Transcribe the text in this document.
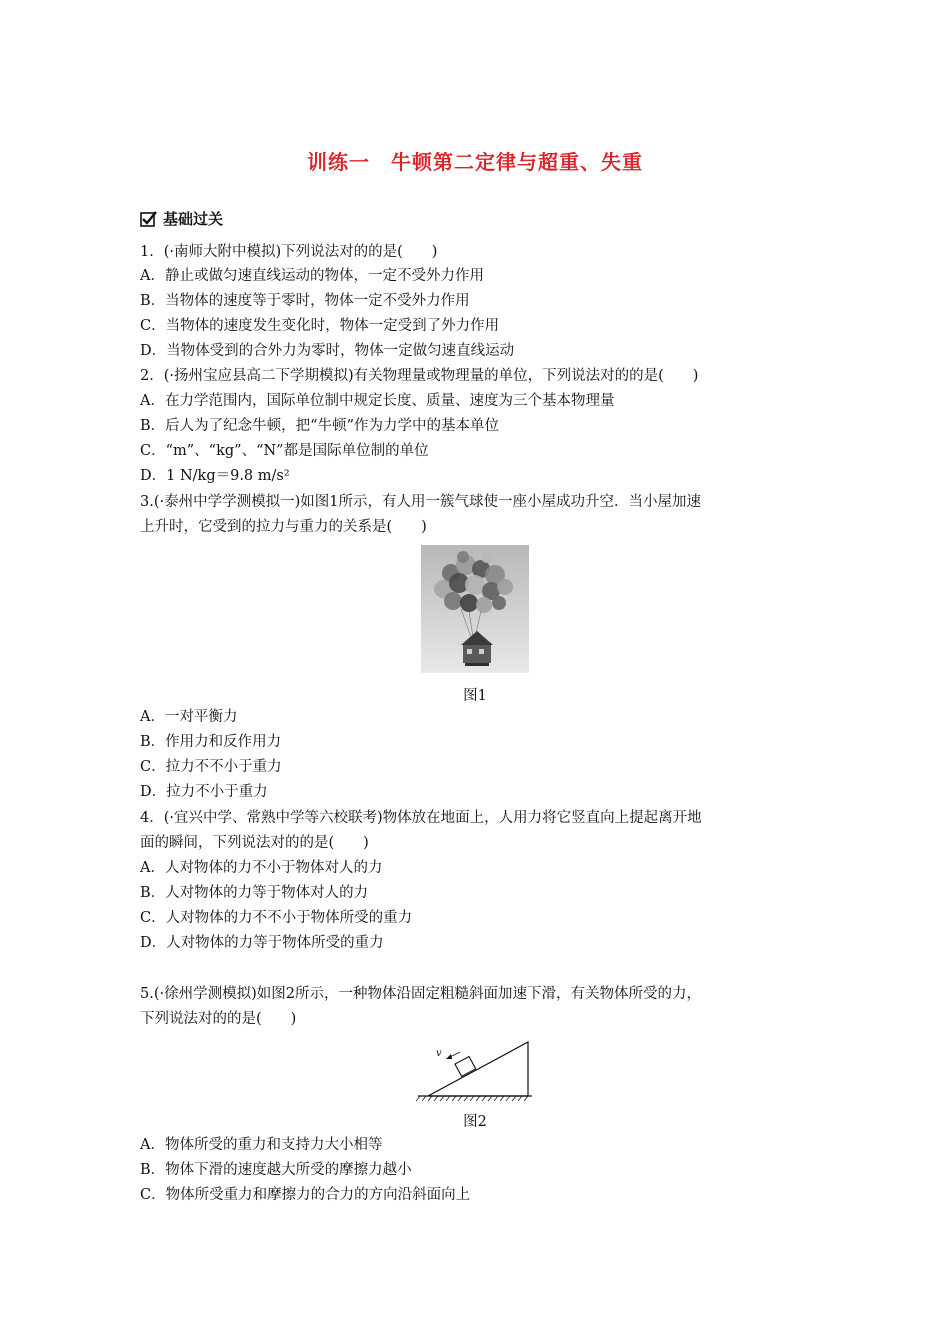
训练一　牛顿第二定律与超重、失重
基础过关
1．(·南师大附中模拟)下列说法对的的是(　　)
A．静止或做匀速直线运动的物体，一定不受外力作用
B．当物体的速度等于零时，物体一定不受外力作用
C．当物体的速度发生变化时，物体一定受到了外力作用
D．当物体受到的合外力为零时，物体一定做匀速直线运动
2．(·扬州宝应县高二下学期模拟)有关物理量或物理量的单位，下列说法对的的是(　　)
A．在力学范围内，国际单位制中规定长度、质量、速度为三个基本物理量
B．后人为了纪念牛顿，把“牛顿”作为力学中的基本单位
C．“m”、“kg”、“N”都是国际单位制的单位
D．1 N/kg＝9.8 m/s²
3.(·泰州中学学测模拟一)如图1所示，有人用一簇气球使一座小屋成功升空．当小屋加速
上升时，它受到的拉力与重力的关系是(　　)
图1
A．一对平衡力
B．作用力和反作用力
C．拉力不不小于重力
D．拉力不小于重力
4．(·宜兴中学、常熟中学等六校联考)物体放在地面上，人用力将它竖直向上提起离开地
面的瞬间，下列说法对的的是(　　)
A．人对物体的力不小于物体对人的力
B．人对物体的力等于物体对人的力
C．人对物体的力不不小于物体所受的重力
D．人对物体的力等于物体所受的重力
5.(·徐州学测模拟)如图2所示，一种物体沿固定粗糙斜面加速下滑，有关物体所受的力，
下列说法对的的是(　　)
v
图2
A．物体所受的重力和支持力大小相等
B．物体下滑的速度越大所受的摩擦力越小
C．物体所受重力和摩擦力的合力的方向沿斜面向上
